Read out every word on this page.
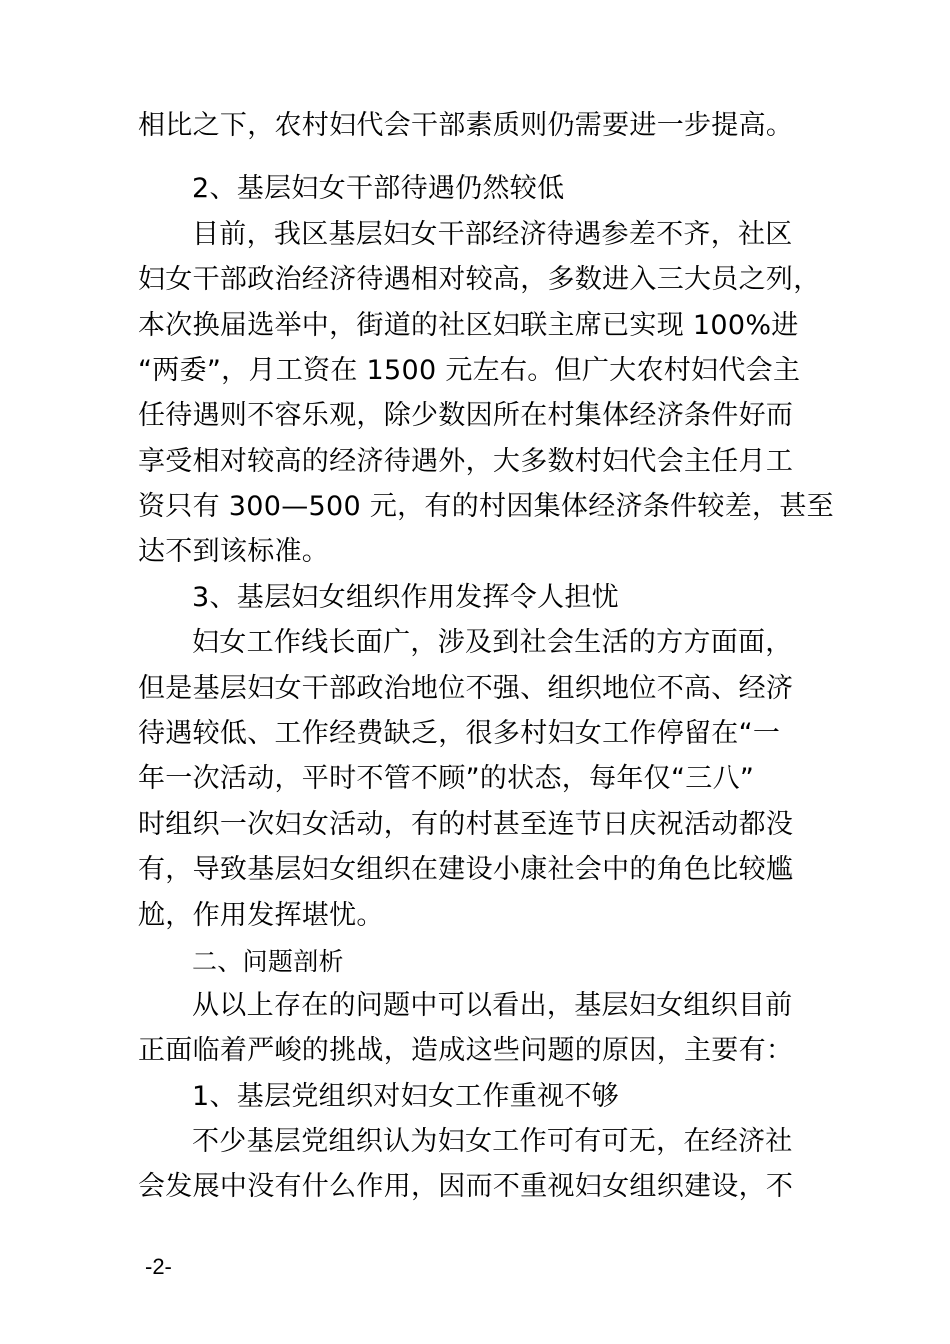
相比之下，农村妇代会干部素质则仍需要进一步提高。
2、基层妇女干部待遇仍然较低
目前，我区基层妇女干部经济待遇参差不齐，社区
妇女干部政治经济待遇相对较高，多数进入三大员之列，
本次换届选举中，街道的社区妇联主席已实现 100%进
“两委”，月工资在 1500 元左右。但广大农村妇代会主
任待遇则不容乐观，除少数因所在村集体经济条件好而
享受相对较高的经济待遇外，大多数村妇代会主任月工
资只有 300—500 元，有的村因集体经济条件较差，甚至
达不到该标准。
3、基层妇女组织作用发挥令人担忧
妇女工作线长面广，涉及到社会生活的方方面面，
但是基层妇女干部政治地位不强、组织地位不高、经济
待遇较低、工作经费缺乏，很多村妇女工作停留在“一
年一次活动，平时不管不顾”的状态，每年仅“三八”
时组织一次妇女活动，有的村甚至连节日庆祝活动都没
有，导致基层妇女组织在建设小康社会中的角色比较尴
尬，作用发挥堪忧。
二、问题剖析
从以上存在的问题中可以看出，基层妇女组织目前
正面临着严峻的挑战，造成这些问题的原因，主要有：
1、基层党组织对妇女工作重视不够
不少基层党组织认为妇女工作可有可无，在经济社
会发展中没有什么作用，因而不重视妇女组织建设，不
-2-
